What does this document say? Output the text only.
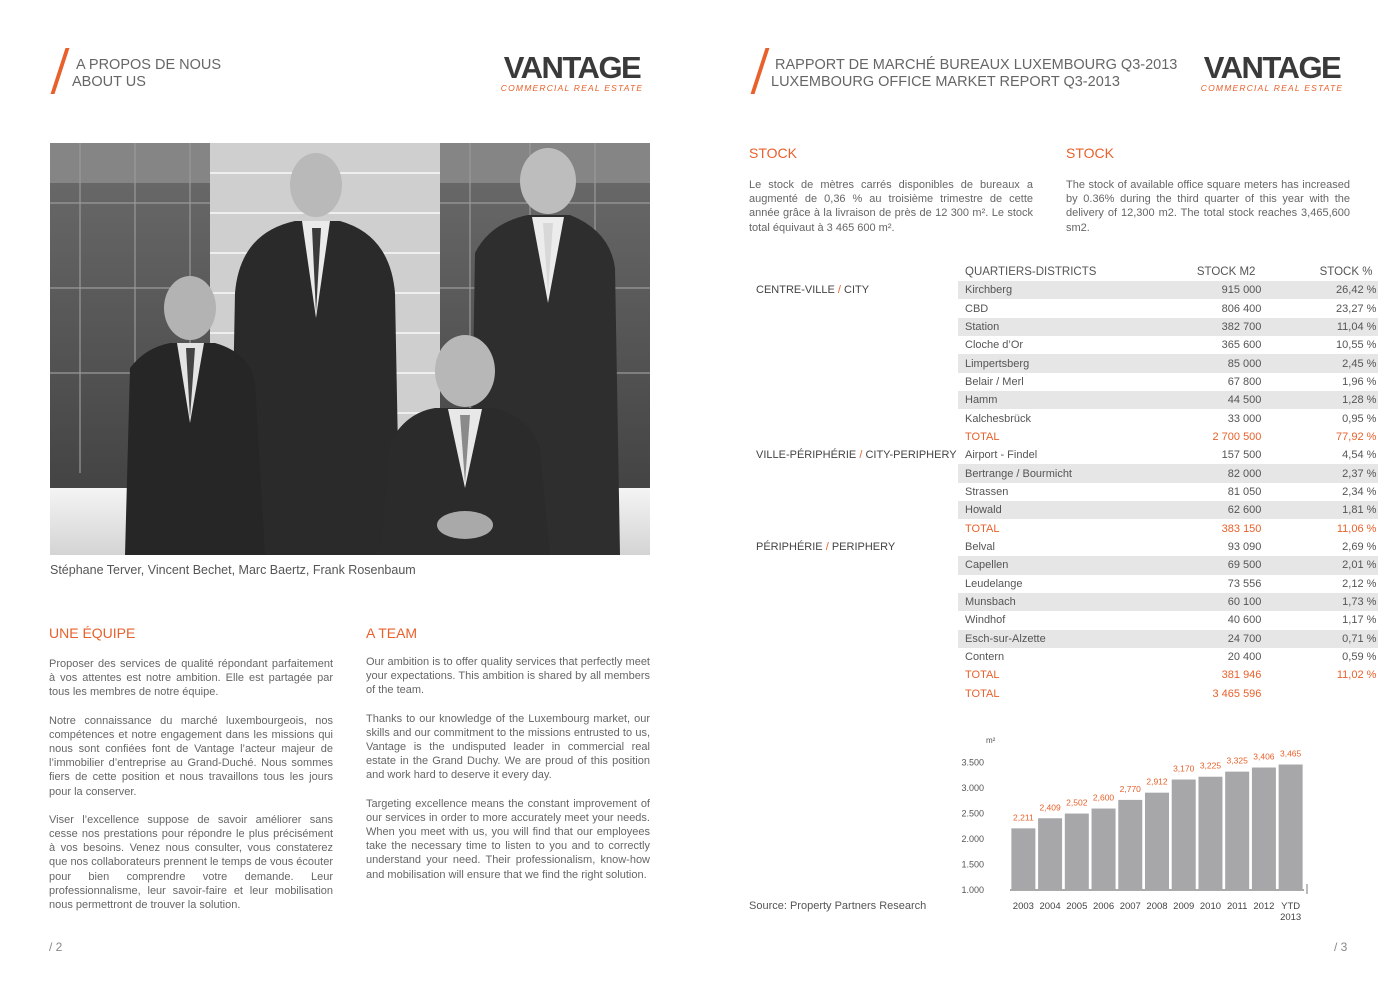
A PROPOS DE NOUS
ABOUT US	VANTAGE
COMMERCIAL REAL ESTATE
Stéphane Terver, Vincent Bechet, Marc Baertz, Frank Rosenbaum
UNE ÉQUIPE

Proposer des services de qualité répondant parfaitement à vos attentes est notre ambition. Elle est partagée par tous les membres de notre équipe.

Notre connaissance du marché luxembourgeois, nos compétences et notre engagement dans les missions qui nous sont confiées font de Vantage l’acteur majeur de l’immobilier d’entreprise au Grand-Duché. Nous sommes fiers de cette position et nous travaillons tous les jours pour la conserver.

Viser l’excellence suppose de savoir améliorer sans cesse nos prestations pour répondre le plus précisément à vos besoins. Venez nous consulter, vous constaterez que nos collaborateurs prennent le temps de vous écouter pour bien comprendre votre demande. Leur professionnalisme, leur savoir-faire et leur mobilisation nous permettront de trouver la solution.

A TEAM

Our ambition is to offer quality services that perfectly meet your expectations. This ambition is shared by all members of the team.

Thanks to our knowledge of the Luxembourg market, our skills and our commitment to the missions entrusted to us, Vantage is the undisputed leader in commercial real estate in the Grand Duchy. We are proud of this position and work hard to deserve it every day.

Targeting excellence means the constant improvement of our services in order to more accurately meet your needs. When you meet with us, you will find that our employees take the necessary time to listen to you and to correctly understand your need. Their professionalism, know-how and mobilisation will ensure that we find the right solution.

/ 2
RAPPORT DE MARCHÉ BUREAUX LUXEMBOURG Q3-2013
LUXEMBOURG OFFICE MARKET REPORT Q3-2013	VANTAGE
COMMERCIAL REAL ESTATE
STOCK
Le stock de mètres carrés disponibles de bureaux a augmenté de 0,36 % au troisième trimestre de cette année grâce à la livraison de près de 12 300 m². Le stock total équivaut à 3 465 600 m².
STOCK
The stock of available office square meters has increased by 0.36% during the third quarter of this year with the delivery of 12,300 m2. The total stock reaches 3,465,600 sm2.
	QUARTIERS-DISTRICTS	STOCK M2	STOCK %
CENTRE-VILLE / CITY	Kirchberg	915 000	26,42 %
	CBD	806 400	23,27 %
	Station	382 700	11,04 %
	Cloche d’Or	365 600	10,55 %
	Limpertsberg	85 000	2,45 %
	Belair / Merl	67 800	1,96 %
	Hamm	44 500	1,28 %
	Kalchesbrück	33 000	0,95 %
	TOTAL	2 700 500	77,92 %
VILLE-PÉRIPHÉRIE / CITY-PERIPHERY	Airport - Findel	157 500	4,54 %
	Bertrange / Bourmicht	82 000	2,37 %
	Strassen	81 050	2,34 %
	Howald	62 600	1,81 %
	TOTAL	383 150	11,06 %
PÉRIPHÉRIE / PERIPHERY	Belval	93 090	2,69 %
	Capellen	69 500	2,01 %
	Leudelange	73 556	2,12 %
	Munsbach	60 100	1,73 %
	Windhof	40 600	1,17 %
	Esch-sur-Alzette	24 700	0,71 %
	Contern	20 400	0,59 %
	TOTAL	381 946	11,02 %
	TOTAL	3 465 596	
m²
1.000
1.500
2.000
2.500
3.000
3.500
2,211
2003
2,409
2004
2,502
2005
2,600
2006
2,770
2007
2,912
2008
3,170
2009
3,225
2010
3,325
2011
3,406
2012
3,465
YTD
2013
Source: Property Partners Research
/ 3
